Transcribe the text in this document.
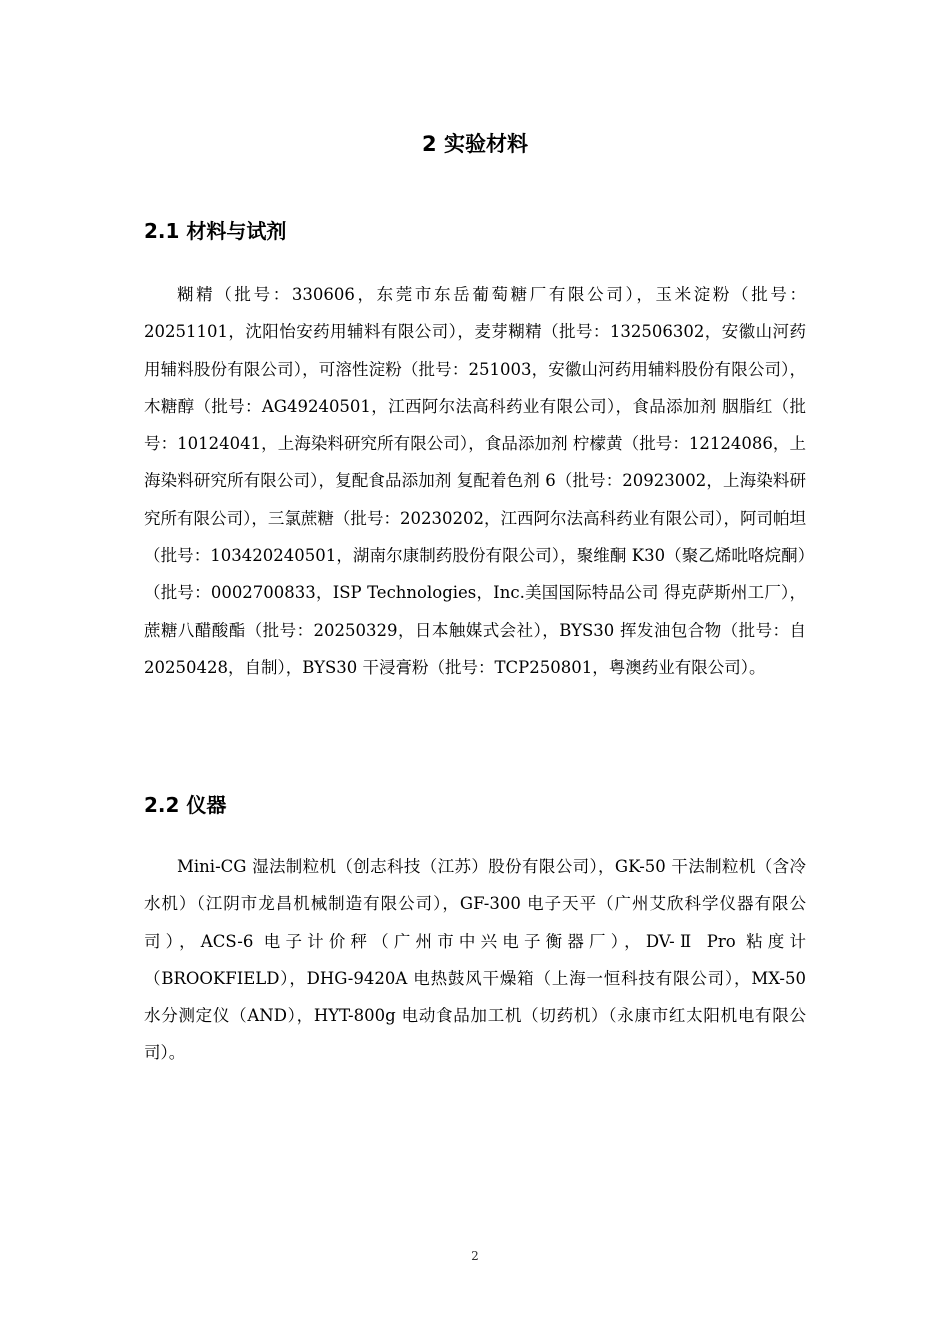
2 实验材料
2.1 材料与试剂

糊精（批号：330606，东莞市东岳葡萄糖厂有限公司），玉米淀粉（批号：20251101，沈阳怡安药用辅料有限公司），麦芽糊精（批号：132506302，安徽山河药用辅料股份有限公司），可溶性淀粉（批号：251003，安徽山河药用辅料股份有限公司），木糖醇（批号：AG49240501，江西阿尔法高科药业有限公司），食品添加剂 胭脂红（批号：10124041，上海染料研究所有限公司），食品添加剂 柠檬黄（批号：12124086，上海染料研究所有限公司），复配食品添加剂 复配着色剂 6（批号：20923002，上海染料研究所有限公司），三氯蔗糖（批号：20230202，江西阿尔法高科药业有限公司），阿司帕坦（批号：103420240501，湖南尔康制药股份有限公司），聚维酮 K30（聚乙烯吡咯烷酮）（批号：0002700833，ISP Technologies，Inc.美国国际特品公司 得克萨斯州工厂），蔗糖八醋酸酯（批号：20250329，日本触媒式会社），BYS30 挥发油包合物（批号：自 20250428，自制），BYS30 干浸膏粉（批号：TCP250801，粤澳药业有限公司）。

2.2 仪器

Mini-CG 湿法制粒机（创志科技（江苏）股份有限公司），GK-50 干法制粒机（含冷水机）（江阴市龙昌机械制造有限公司），GF-300 电子天平（广州艾欣科学仪器有限公司），ACS-6 电子计价秤（广州市中兴电子衡器厂），DV-Ⅱ Pro 粘度计（BROOKFIELD），DHG-9420A 电热鼓风干燥箱（上海一恒科技有限公司），MX-50 水分测定仪（AND），HYT-800g 电动食品加工机（切药机）（永康市红太阳机电有限公司）。

2
